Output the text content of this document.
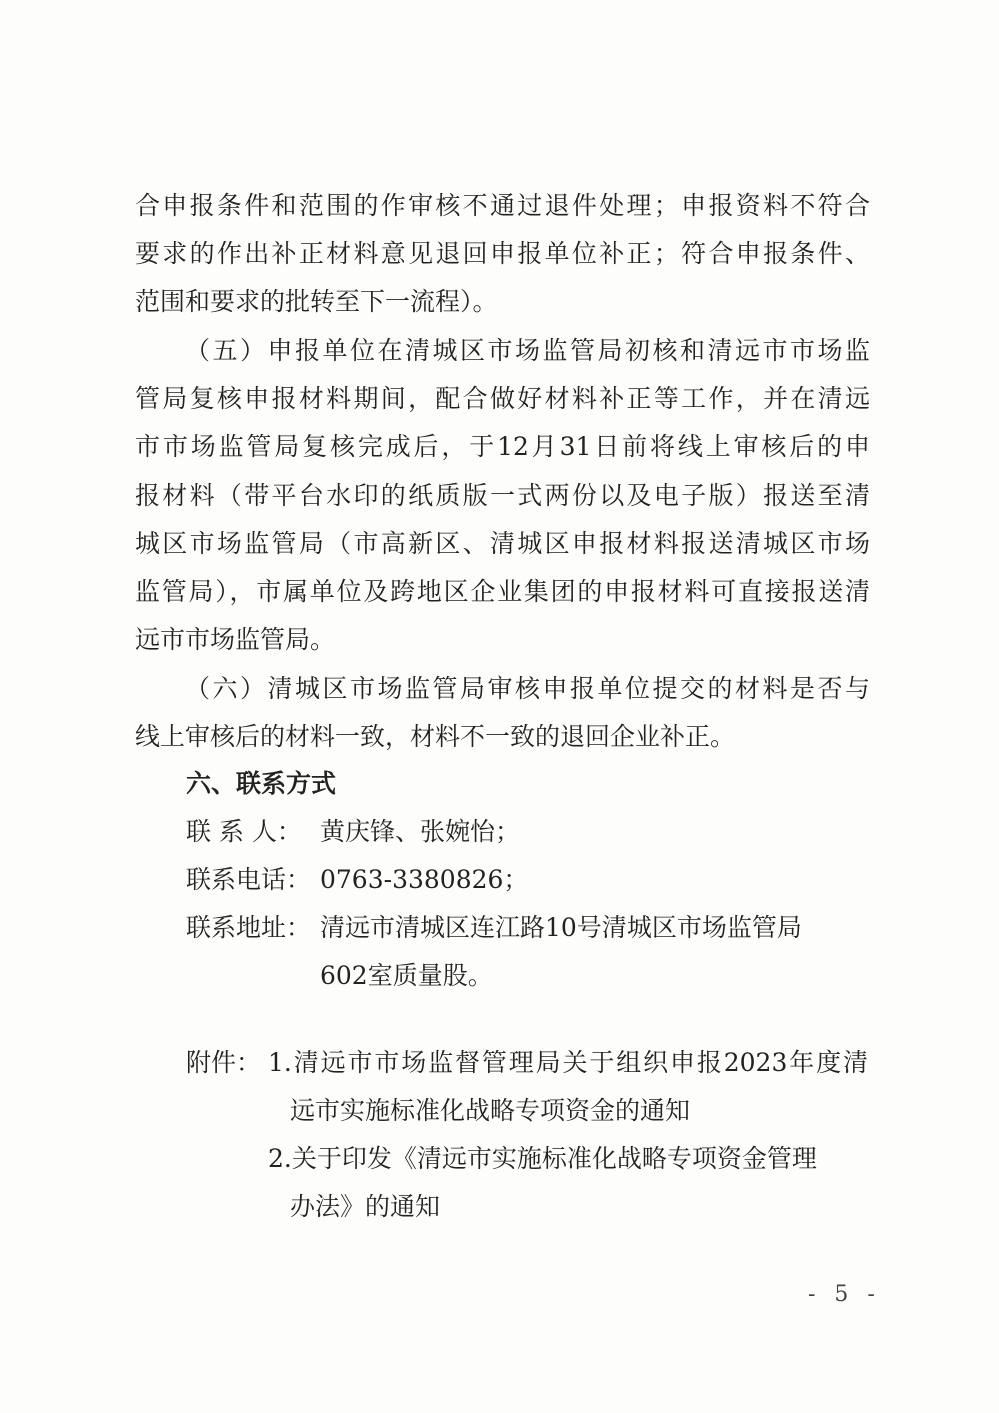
合申报条件和范围的作审核不通过退件处理；申报资料不符合
要求的作出补正材料意见退回申报单位补正；符合申报条件、
范围和要求的批转至下一流程）。
（五）申报单位在清城区市场监管局初核和清远市市场监
管局复核申报材料期间，配合做好材料补正等工作，并在清远
市市场监管局复核完成后，于12月31日前将线上审核后的申
报材料（带平台水印的纸质版一式两份以及电子版）报送至清
城区市场监管局（市高新区、清城区申报材料报送清城区市场
监管局），市属单位及跨地区企业集团的申报材料可直接报送清
远市市场监管局。
（六）清城区市场监管局审核申报单位提交的材料是否与
线上审核后的材料一致，材料不一致的退回企业补正。
六、联系方式
联 系 人： 黄庆锋、张婉怡；
联系电话： 0763-3380826；
联系地址： 清远市清城区连江路10号清城区市场监管局
602室质量股。
附件： 1.清远市市场监督管理局关于组织申报2023年度清
远市实施标准化战略专项资金的通知
2.关于印发《清远市实施标准化战略专项资金管理
办法》的通知
- 5 -
